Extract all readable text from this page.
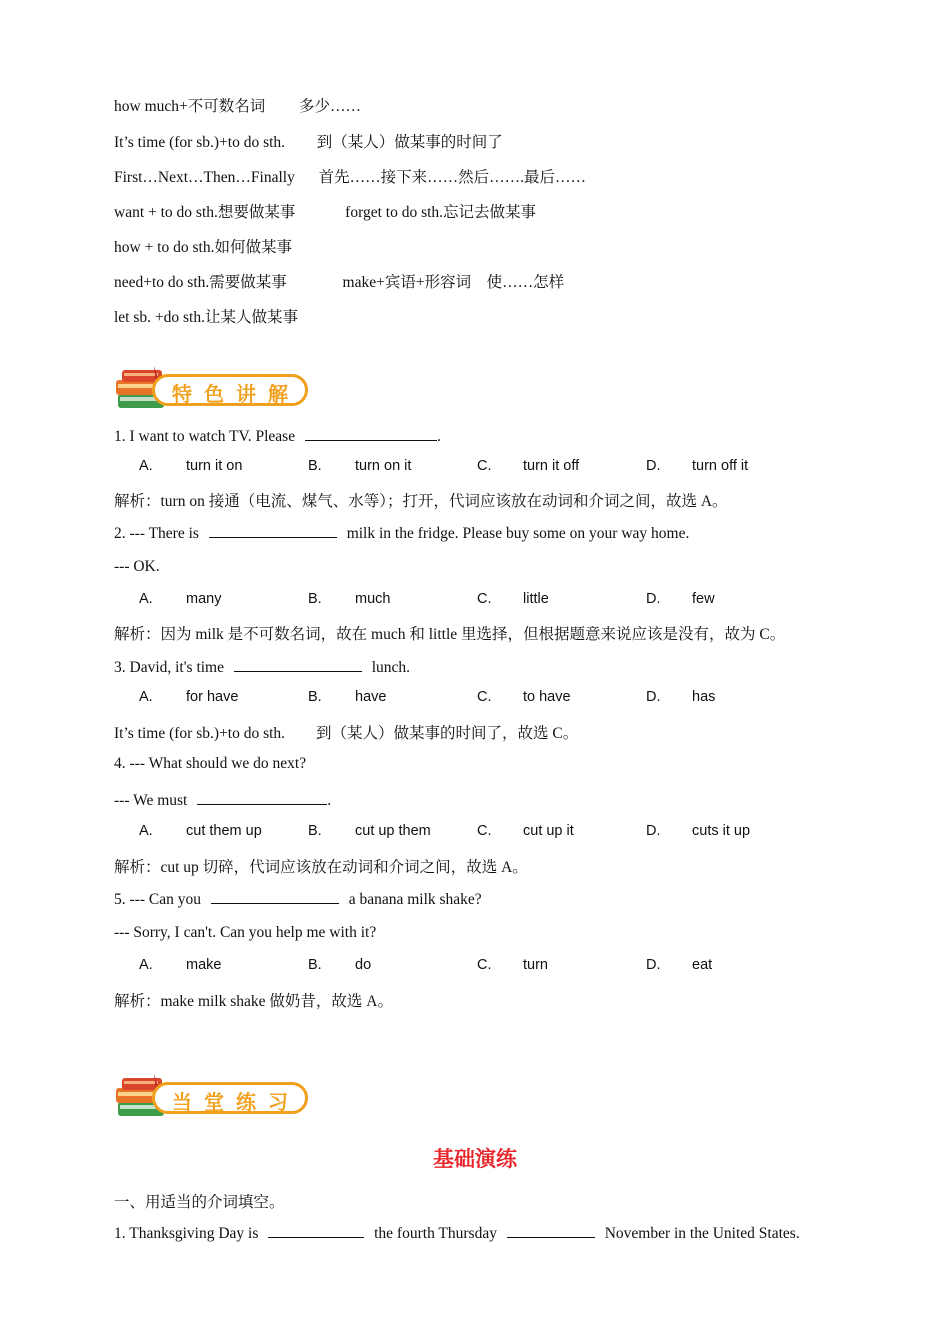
how much+不可数名词 多少……
It’s time (for sb.)+to do sth. 到（某人）做某事的时间了
First…Next…Then…Finally 首先……接下来……然后…….最后……
want + to do sth.想要做某事	forget to do sth.忘记去做某事
how + to do sth.如何做某事
need+to do sth.需要做某事	make+宾语+形容词　使……怎样
let sb. +do sth.让某人做某事
特色讲解
1. I want to watch TV. Please	.
A. turn it on	B. turn on it	C. turn it off	D. turn off it
解析：turn on 接通（电流、煤气、水等）；打开，代词应该放在动词和介词之间，故选 A。
2. --- There is	milk in the fridge. Please buy some on your way home.
--- OK.
A. many	B. much	C. little	D. few
解析：因为 milk 是不可数名词，故在 much 和 little 里选择，但根据题意来说应该是没有，故为 C。
3. David, it's time	lunch.
A. for have	B. have	C. to have	D. has
It’s time (for sb.)+to do sth.　　到（某人）做某事的时间了，故选 C。
4. --- What should we do next?
--- We must	.
A. cut them up	B. cut up them	C. cut up it	D. cuts it up
解析：cut up 切碎，代词应该放在动词和介词之间，故选 A。
5. --- Can you	a banana milk shake?
--- Sorry, I can't. Can you help me with it?
A. make	B. do	C. turn	D. eat
解析：make milk shake 做奶昔，故选 A。
当堂练习
基础演练
一、用适当的介词填空。
1. Thanksgiving Day is	the fourth Thursday	November in the United States.
